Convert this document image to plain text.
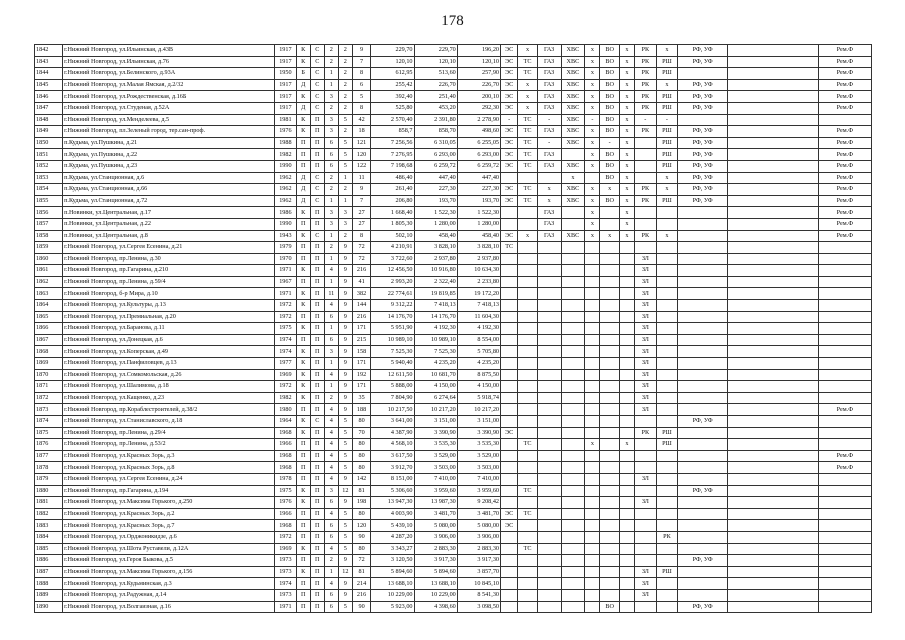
178
1842	г.Нижний Новгород, ул.Ильинская, д.43В	1917	К	С	2	2	9	229,70	229,70	196,20	ЭС	х	ГАЗ	ХВС	х	ВО	х	РК	х	РФ, УФ		Рем.Ф
1843	г.Нижний Новгород, ул.Ильинская, д.76	1917	К	С	2	2	7	120,10	120,10	120,10	ЭС	ТС	ГАЗ	ХВС	х	ВО	х	РК	РШ	РФ, УФ		Рем.Ф
1844	г.Нижний Новгород, ул.Белинского, д.93А	1950	Б	С	1	2	8	612,95	513,60	257,90	ЭС	ТС	ГАЗ	ХВС	х	ВО	х	РК	РШ			Рем.Ф
1845	г.Нижний Новгород, ул.Малая Ямская, д.2/32	1917	Д	С	1	2	6	255,42	226,70	226,70	ЭС	х	ГАЗ	ХВС	х	ВО	х	РК	х	РФ, УФ		Рем.Ф
1846	г.Нижний Новгород, ул.Рождественская, д.16Б	1917	К	С	3	2	5	392,40	251,40	200,10	ЭС	х	ГАЗ	ХВС	х	ВО	х	РК	РШ	РФ, УФ		Рем.Ф
1847	г.Нижний Новгород, ул.Студеная, д.52А	1917	Д	С	2	2	8	525,80	453,20	292,30	ЭС	х	ГАЗ	ХВС	х	ВО	х	РК	РШ	РФ, УФ		Рем.Ф
1848	г.Нижний Новгород, ул.Менделеева, д.5	1981	К	П	3	5	42	2 570,40	2 391,80	2 278,90	-	ТС	-	ХВС	-	ВО	х	-	-			
1849	г.Нижний Новгород, пл.Зеленый город, тер.сан-проф.	1976	К	П	3	2	18	858,7	858,70	498,60	ЭС	ТС	ГАЗ	ХВС	х	ВО	х	РК	РШ	РФ, УФ		Рем.Ф
1850	п.Кудьма, ул.Пушкина, д.21	1988	П	П	6	5	121	7 256,56	6 310,05	6 255,05	ЭС	ТС	-	ХВС	х	-	х		РШ	РФ, УФ		Рем.Ф
1851	п.Кудьма, ул.Пушкина, д.22	1982	П	П	6	5	120	7 276,95	6 293,00	6 293,00	ЭС	ТС	ГАЗ		х	ВО	х		РШ	РФ, УФ		Рем.Ф
1852	п.Кудьма, ул.Пушкина, д.23	1990	П	П	6	5	122	7 198,68	6 259,72	6 259,72	ЭС	ТС	ГАЗ	ХВС	х	ВО	х		РШ	РФ, УФ		Рем.Ф
1853	п.Кудьма, ул.Станционная, д.6	1962	Д	С	2	1	11	486,40	447,40	447,40				х		ВО	х		х	РФ, УФ		Рем.Ф
1854	п.Кудьма, ул.Станционная, д.66	1962	Д	С	2	2	9	261,40	227,30	227,30	ЭС	ТС	х	ХВС	х	х	х	РК	х	РФ, УФ		Рем.Ф
1855	п.Кудьма, ул.Станционная, д.72	1962	Д	С	1	1	7	206,80	193,70	193,70	ЭС	ТС	х	ХВС	х	ВО	х	РК	РШ	РФ, УФ		Рем.Ф
1856	п.Новинки, ул.Центральная, д.17	1986	К	П	3	3	27	1 668,40	1 522,30	1 522,30			ГАЗ		х		х					Рем.Ф
1857	п.Новинки, ул.Центральная, д.22	1990	П	П	3	3	27	1 805,30	1 280,00	1 280,00			ГАЗ		х		х					Рем.Ф
1858	п.Новинки, ул.Центральная, д.8	1943	К	С	1	2	8	502,10	458,40	458,40	ЭС	х	ГАЗ	ХВС	х	х	х	РК	х			Рем.Ф
1859	г.Нижний Новгород, ул.Сергея Есенина, д.21	1979	П	П	2	9	72	4 210,91	3 828,10	3 828,10	ТС											
1860	г.Нижний Новгород, пр.Ленина, д.30	1970	П	П	1	9	72	3 722,60	2 937,80	2 937,80								ЗЛ				
1861	г.Нижний Новгород, пр.Гагарина, д.210	1971	К	П	4	9	216	12 456,50	10 916,80	10 634,30								ЗЛ				
1862	г.Нижний Новгород, пр.Ленина, д.59/4	1967	П	П	1	9	41	2 993,20	2 322,40	2 233,80								ЗЛ				
1863	г.Нижний Новгород, б-р Мира, д.10	1971	К	П	11	9	382	22 774,61	19 819,85	19 172,20								ЗЛ				
1864	г.Нижний Новгород, ул.Культуры, д.13	1972	К	П	4	9	144	9 312,22	7 418,13	7 418,13								ЗЛ				
1865	г.Нижний Новгород, ул.Премиальная, д.20	1972	П	П	6	9	216	14 176,70	14 176,70	11 604,30								ЗЛ				
1866	г.Нижний Новгород, ул.Баранова, д.11	1975	К	П	1	9	171	5 951,90	4 192,30	4 192,30								ЗЛ				
1867	г.Нижний Новгород, ул.Донецкая, д.6	1974	П	П	6	9	215	10 989,10	10 989,10	8 554,00								ЗЛ				
1868	г.Нижний Новгород, ул.Коперская, д.49	1974	К	П	3	9	158	7 525,30	7 525,30	5 705,80								ЗЛ				
1869	г.Нижний Новгород, ул.Панфиловцев, д.13	1977	К	П	1	9	171	5 940,40	4 235,20	4 235,20								ЗЛ				
1870	г.Нижний Новгород, ул.Сомкомольская, д.26	1969	К	П	4	9	192	12 611,50	10 681,70	8 875,50								ЗЛ				
1871	г.Нижний Новгород, ул.Шалимова, д.18	1972	К	П	1	9	171	5 888,00	4 150,00	4 150,00								ЗЛ				
1872	г.Нижний Новгород, ул.Кащенко, д.23	1982	К	П	2	9	35	7 804,90	6 274,64	5 918,74								ЗЛ				
1873	г.Нижний Новгород, пр.Кораблестроителей, д.38/2	1980	П	П	4	9	188	10 217,50	10 217,20	10 217,20								ЗЛ				Рем.Ф
1874	г.Нижний Новгород, ул.Станиславского, д.18	1964	К	С	4	5	80	3 641,00	3 151,00	3 151,00										РФ, УФ		
1875	г.Нижний Новгород, пр.Ленина, д.29/4	1968	К	П	4	5	70	4 387,90	3 390,90	3 390,90	ЭС							РК	РШ			
1876	г.Нижний Новгород, пр.Ленина, д.53/2	1966	П	П	4	5	80	4 568,10	3 535,30	3 535,30		ТС			х		х		РШ			
1877	г.Нижний Новгород, ул.Красных Зорь, д.3	1968	П	П	4	5	80	3 617,50	3 529,00	3 529,00												Рем.Ф
1878	г.Нижний Новгород, ул.Красных Зорь, д.8	1968	П	П	4	5	80	3 912,70	3 503,00	3 503,00												Рем.Ф
1879	г.Нижний Новгород, ул.Сергея Есенина, д.24	1978	П	П	4	9	142	8 151,00	7 410,00	7 410,00								ЗЛ				
1880	г.Нижний Новгород, пр.Гагарина, д.194	1975	К	П	3	12	81	5 306,60	3 959,60	3 959,60		ТС								РФ, УФ		
1881	г.Нижний Новгород, ул.Максима Горького, д.250	1976	К	П	6	9	198	13 947,30	13 987,30	9 208,42								ЗЛ				
1882	г.Нижний Новгород, ул.Красных Зорь, д.2	1966	П	П	4	5	80	4 003,90	3 481,70	3 481,70	ЭС	ТС										
1883	г.Нижний Новгород, ул.Красных Зорь, д.7	1968	П	П	6	5	120	5 439,10	5 080,00	5 080,00	ЭС											
1884	г.Нижний Новгород, ул.Орджоникидзе, д.6	1972	П	П	6	5	90	4 287,20	3 906,00	3 906,00									РК			
1885	г.Нижний Новгород, ул.Шота Руставели, д.12А	1969	К	П	4	5	80	3 343,27	2 883,30	2 883,30		ТС										
1886	г.Нижний Новгород, ул.Героя Быкова, д.5	1973	П	П	2	9	72	3 120,50	3 917,30	3 917,30										РФ, УФ		
1887	г.Нижний Новгород, ул.Максима Горького, д.156	1973	К	П	1	12	81	5 894,60	5 894,60	3 857,70								ЗЛ	РШ			
1888	г.Нижний Новгород, ул.Кудьминская, д.3	1974	П	П	4	9	214	13 688,10	13 688,10	10 845,10								ЗЛ				
1889	г.Нижний Новгород, ул.Радужная, д.14	1973	П	П	6	9	216	10 229,00	10 229,00	8 541,30								ЗЛ				
1890	г.Нижний Новгород, ул.Волгаизная, д.16	1971	П	П	6	5	90	5 923,00	4 398,60	3 098,50						ВО				РФ, УФ		
